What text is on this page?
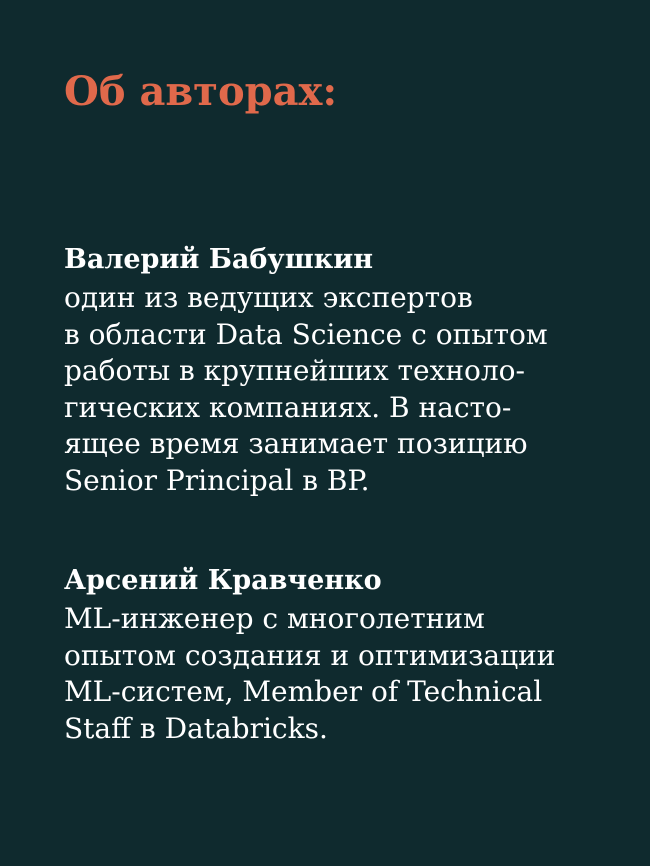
Об авторах:

Валерий Бабушкин

один из ведущих экспертов
в области Data Science с опытом
работы в крупнейших техноло-
гических компаниях. В насто-
ящее время занимает позицию
Senior Principal в BP.

Арсений Кравченко

ML-инженер с многолетним
опытом создания и оптимизации
ML-систем, Member of Technical
Staff в Databricks.
